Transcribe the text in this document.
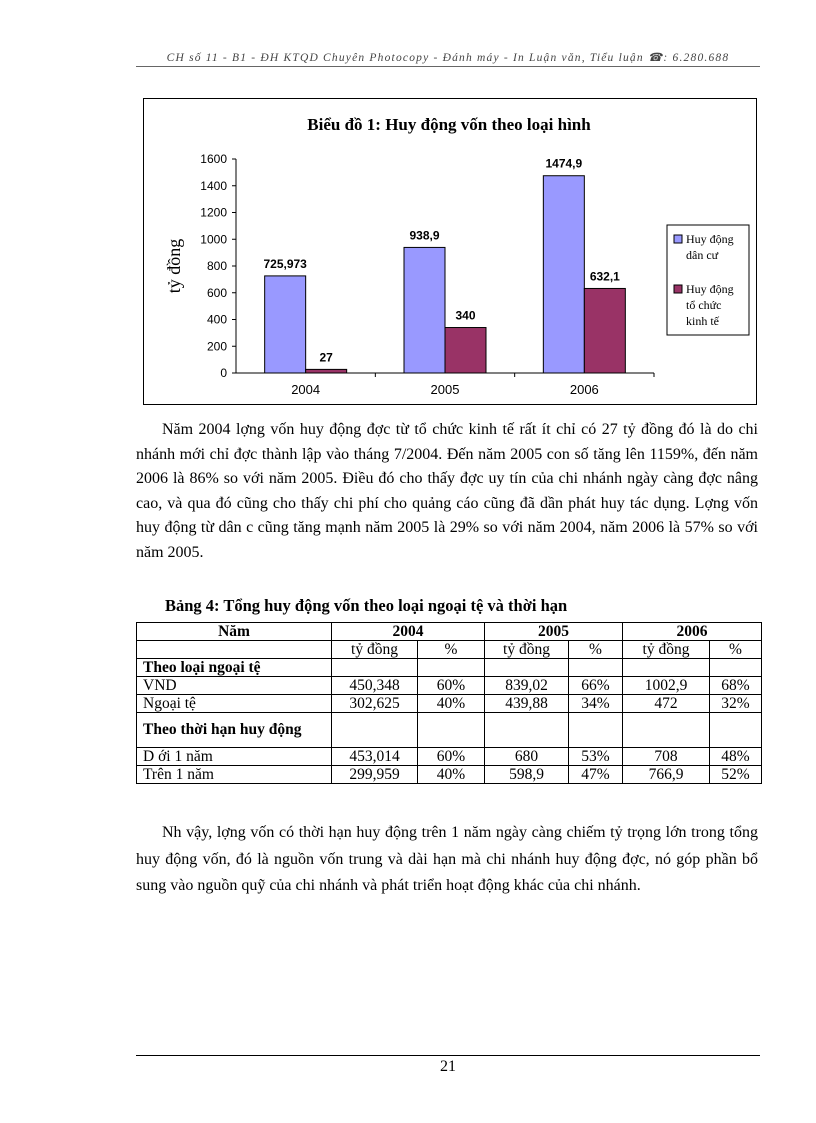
CH số 11 - B1 - ĐH KTQD Chuyên Photocopy - Đánh máy - In Luận văn, Tiểu luận ☎: 6.280.688
Biểu đồ 1: Huy động vốn theo loại hình
tỷ đồng
0
200
400
600
800
1000
1200
1400
1600
725,973
27
2004
938,9
340
2005
1474,9
632,1
2006
Huy động
dân cư
Huy động
tổ chức
kinh tế

Năm 2004 lợng vốn huy động đợc từ tổ chức kinh tế rất ít chỉ có 27 tỷ đồng đó là do chi nhánh mới chỉ đợc thành lập vào tháng 7/2004. Đến năm 2005 con số tăng lên 1159%, đến năm 2006 là 86% so với năm 2005. Điều đó cho thấy đợc uy tín của chi nhánh ngày càng đợc nâng cao, và qua đó cũng cho thấy chi phí cho quảng cáo cũng đã dần phát huy tác dụng. Lợng vốn huy động từ dân c cũng tăng mạnh năm 2005 là 29% so với năm 2004, năm 2006 là 57% so với năm 2005.

Bảng 4: Tổng huy động vốn theo loại ngoại tệ và thời hạn
Năm	2004		2005		2006	
	tỷ đồng	%	tỷ đồng	%	tỷ đồng	%
Theo loại ngoại tệ						
VND	450,348	60%	839,02	66%	1002,9	68%
Ngoại tệ	302,625	40%	439,88	34%	472	32%
Theo thời hạn huy động						
D ới 1 năm	453,014	60%	680	53%	708	48%
Trên 1 năm	299,959	40%	598,9	47%	766,9	52%

Nh vậy, lợng vốn có thời hạn huy động trên 1 năm ngày càng chiếm tỷ trọng lớn trong tổng huy động vốn, đó là nguồn vốn trung và dài hạn mà chi nhánh huy động đợc, nó góp phần bổ sung vào nguồn quỹ của chi nhánh và phát triển hoạt động khác của chi nhánh.

21
